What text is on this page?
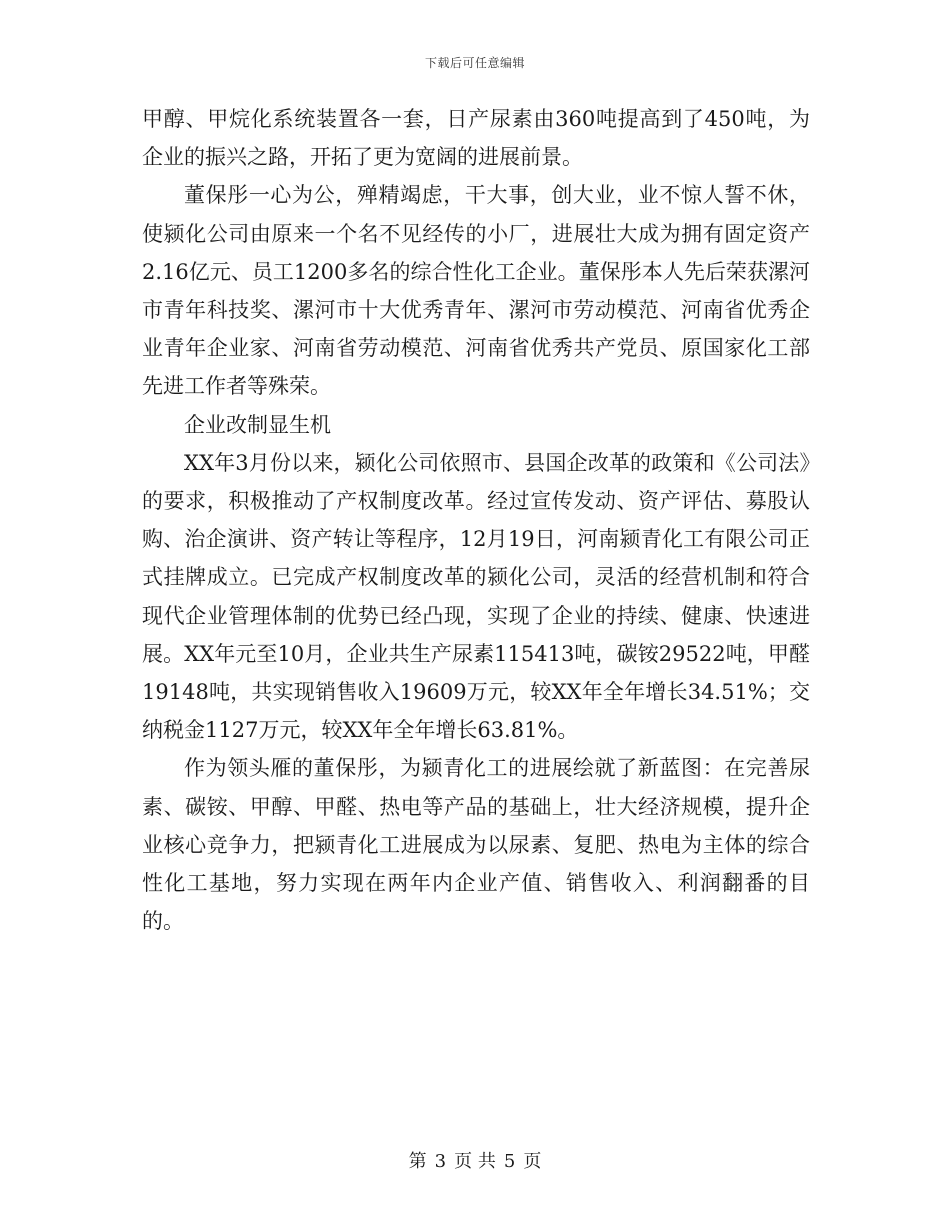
下载后可任意编辑

甲醇、甲烷化系统装置各一套，日产尿素由360吨提高到了450吨，为企业的振兴之路，开拓了更为宽阔的进展前景。

董保彤一心为公，殚精竭虑，干大事，创大业，业不惊人誓不休，使颍化公司由原来一个名不见经传的小厂，进展壮大成为拥有固定资产2.16亿元、员工1200多名的综合性化工企业。董保彤本人先后荣获漯河市青年科技奖、漯河市十大优秀青年、漯河市劳动模范、河南省优秀企业青年企业家、河南省劳动模范、河南省优秀共产党员、原国家化工部先进工作者等殊荣。

企业改制显生机

XX年3月份以来，颍化公司依照市、县国企改革的政策和《公司法》的要求，积极推动了产权制度改革。经过宣传发动、资产评估、募股认购、治企演讲、资产转让等程序，12月19日，河南颍青化工有限公司正式挂牌成立。已完成产权制度改革的颍化公司，灵活的经营机制和符合现代企业管理体制的优势已经凸现，实现了企业的持续、健康、快速进展。XX年元至10月，企业共生产尿素115413吨，碳铵29522吨，甲醛19148吨，共实现销售收入19609万元，较XX年全年增长34.51%；交纳税金1127万元，较XX年全年增长63.81%。

作为领头雁的董保彤，为颍青化工的进展绘就了新蓝图：在完善尿素、碳铵、甲醇、甲醛、热电等产品的基础上，壮大经济规模，提升企业核心竞争力，把颍青化工进展成为以尿素、复肥、热电为主体的综合性化工基地，努力实现在两年内企业产值、销售收入、利润翻番的目的。

第 3 页 共 5 页
